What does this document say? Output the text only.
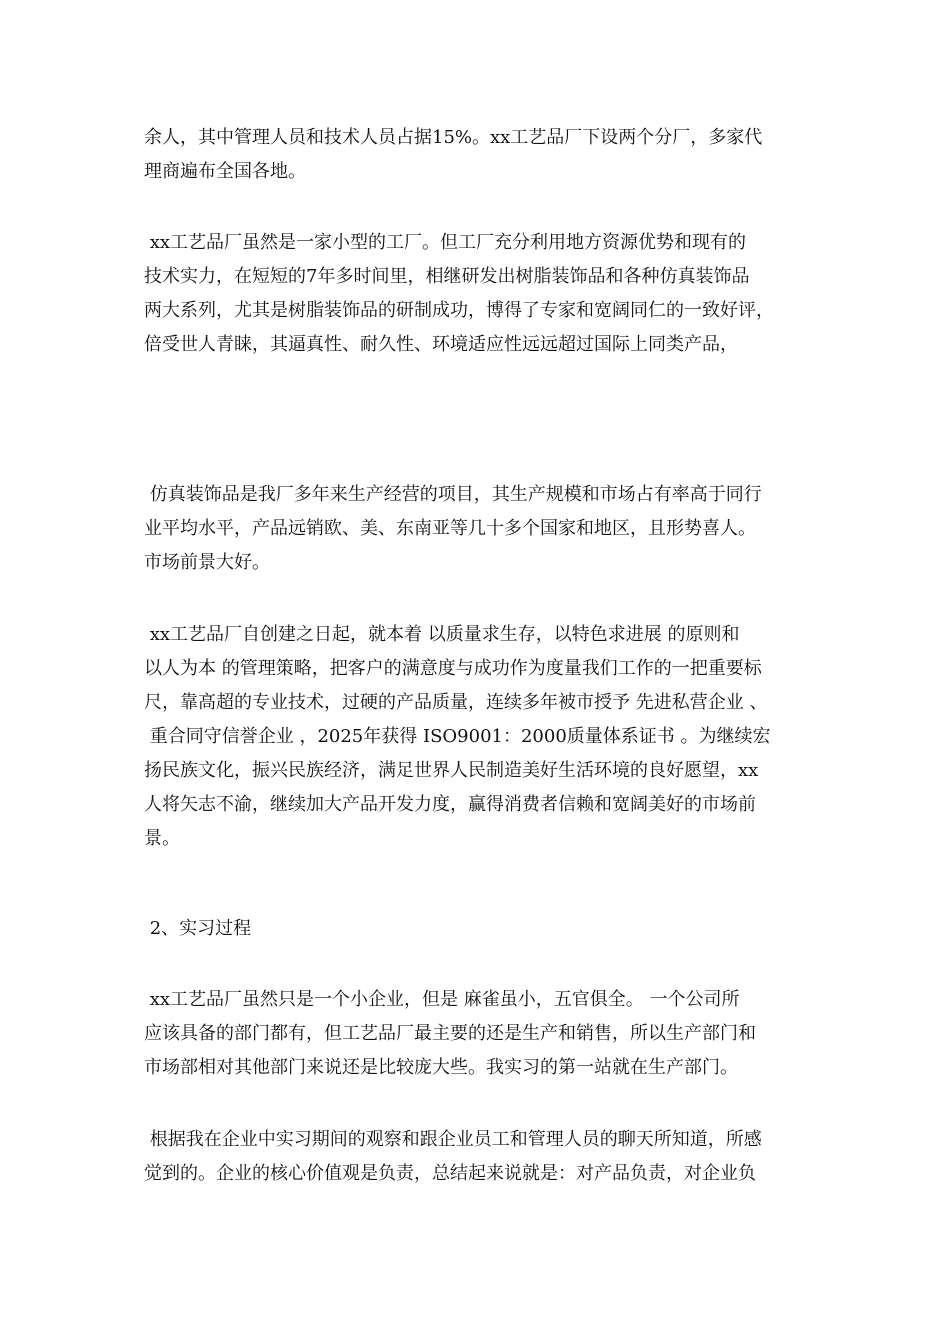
余人，其中管理人员和技术人员占据15%。xx工艺品厂下设两个分厂，多家代
理商遍布全国各地。
xx工艺品厂虽然是一家小型的工厂。但工厂充分利用地方资源优势和现有的
技术实力，在短短的7年多时间里，相继研发出树脂装饰品和各种仿真装饰品
两大系列，尤其是树脂装饰品的研制成功，博得了专家和宽阔同仁的一致好评，
倍受世人青睐，其逼真性、耐久性、环境适应性远远超过国际上同类产品，
仿真装饰品是我厂多年来生产经营的项目，其生产规模和市场占有率高于同行
业平均水平，产品远销欧、美、东南亚等几十多个国家和地区，且形势喜人。
市场前景大好。
xx工艺品厂自创建之日起，就本着 以质量求生存，以特色求进展 的原则和
以人为本 的管理策略，把客户的满意度与成功作为度量我们工作的一把重要标
尺，靠高超的专业技术，过硬的产品质量，连续多年被市授予 先进私营企业 、
重合同守信誉企业 ，2025年获得 ISO9001：2000质量体系证书 。为继续宏
扬民族文化，振兴民族经济，满足世界人民制造美好生活环境的良好愿望，xx
人将矢志不渝，继续加大产品开发力度，赢得消费者信赖和宽阔美好的市场前
景。
2、实习过程
xx工艺品厂虽然只是一个小企业，但是 麻雀虽小，五官俱全。 一个公司所
应该具备的部门都有，但工艺品厂最主要的还是生产和销售，所以生产部门和
市场部相对其他部门来说还是比较庞大些。我实习的第一站就在生产部门。
根据我在企业中实习期间的观察和跟企业员工和管理人员的聊天所知道，所感
觉到的。企业的核心价值观是负责，总结起来说就是：对产品负责，对企业负
